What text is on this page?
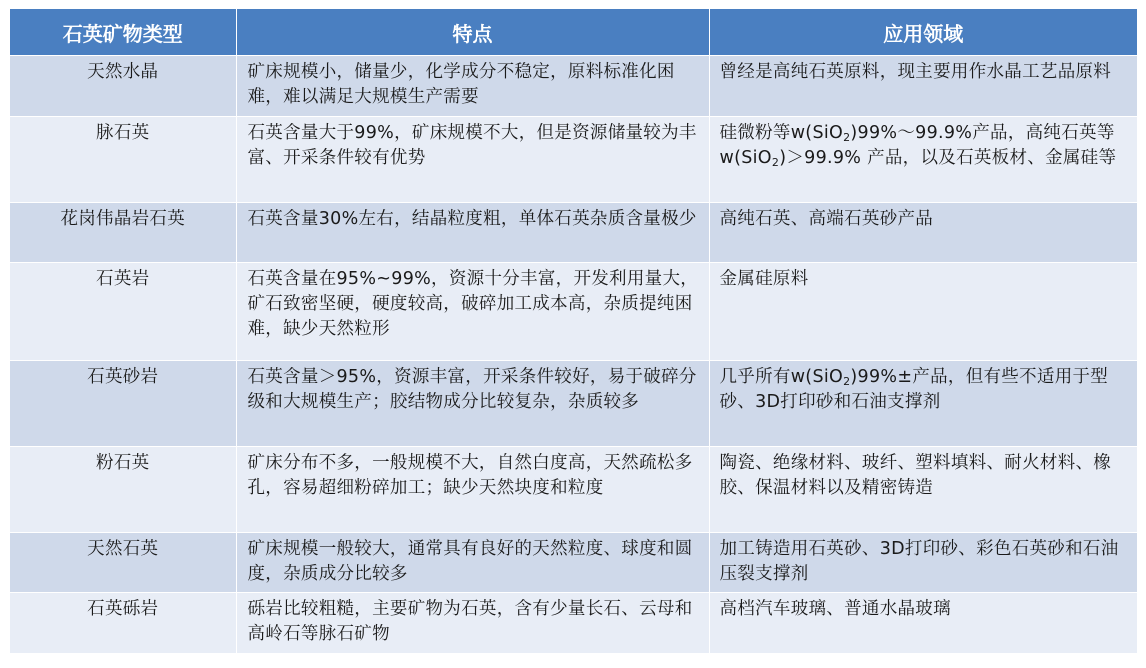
石英矿物类型	特点	应用领域
天然水晶	矿床规模小，储量少，化学成分不稳定，原料标准化困难，难以满足大规模生产需要	曾经是高纯石英原料，现主要用作水晶工艺品原料
脉石英	石英含量大于99%，矿床规模不大，但是资源储量较为丰富、开采条件较有优势	硅微粉等w(SiO$_2$)99%～99.9%产品，高纯石英等w(SiO$_2$)＞99.9% 产品，以及石英板材、金属硅等
花岗伟晶岩石英	石英含量30%左右，结晶粒度粗，单体石英杂质含量极少	高纯石英、高端石英砂产品
石英岩	石英含量在95%~99%，资源十分丰富，开发利用量大，矿石致密坚硬，硬度较高，破碎加工成本高，杂质提纯困难，缺少天然粒形	金属硅原料
石英砂岩	石英含量＞95%，资源丰富，开采条件较好，易于破碎分级和大规模生产；胶结物成分比较复杂，杂质较多	几乎所有w(SiO$_2$)99%±产品，但有些不适用于型砂、3D打印砂和石油支撑剂
粉石英	矿床分布不多，一般规模不大，自然白度高，天然疏松多孔，容易超细粉碎加工；缺少天然块度和粒度	陶瓷、绝缘材料、玻纤、塑料填料、耐火材料、橡胶、保温材料以及精密铸造
天然石英	矿床规模一般较大，通常具有良好的天然粒度、球度和圆度，杂质成分比较多	加工铸造用石英砂、3D打印砂、彩色石英砂和石油压裂支撑剂
石英砾岩	砾岩比较粗糙，主要矿物为石英，含有少量长石、云母和高岭石等脉石矿物	高档汽车玻璃、普通水晶玻璃
